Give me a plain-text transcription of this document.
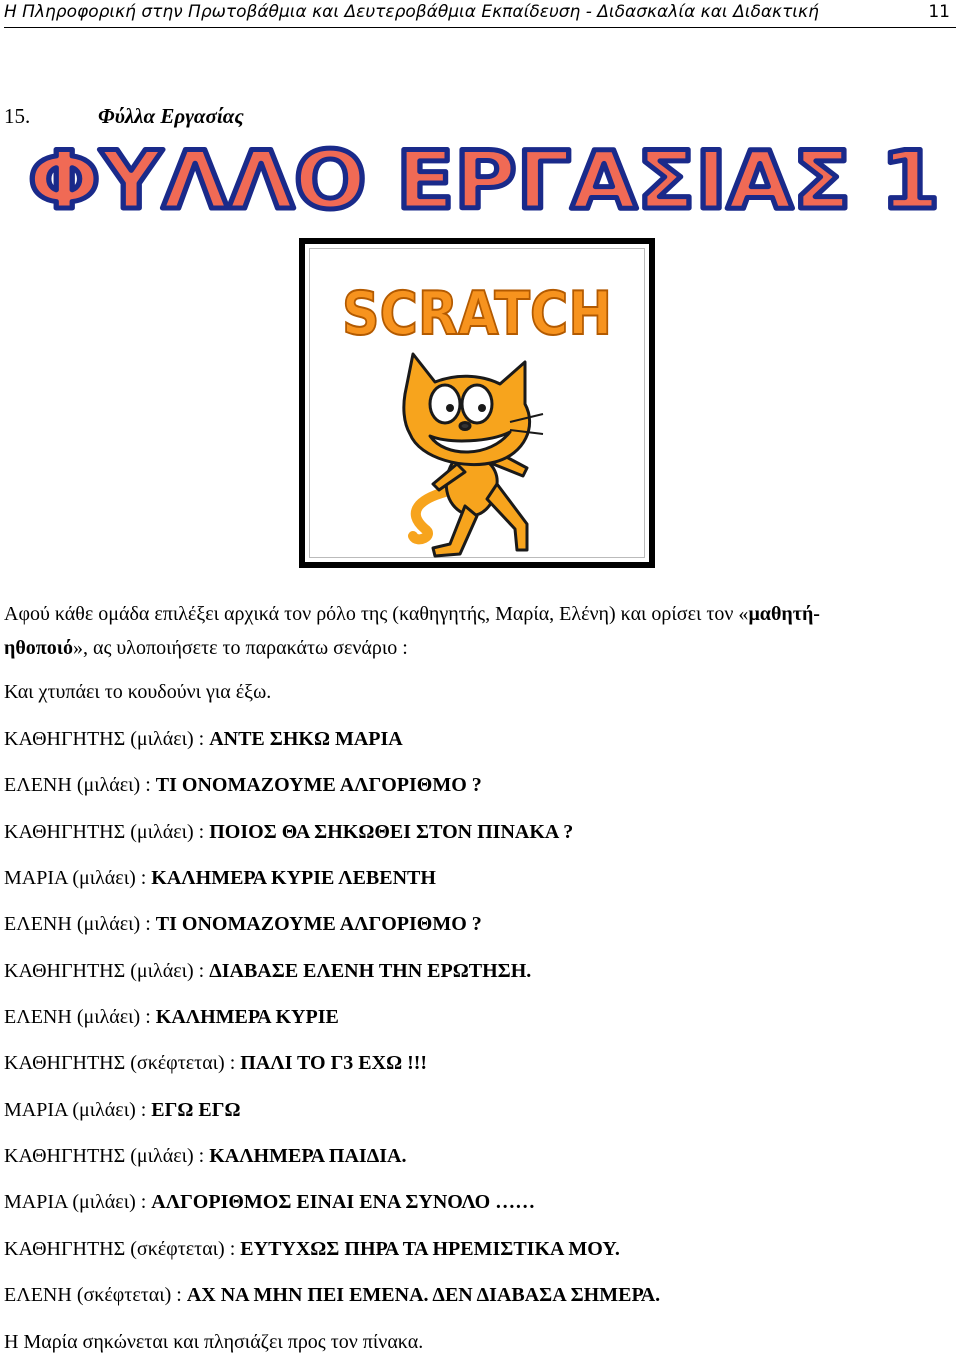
Η Πληροφορική στην Πρωτοβάθμια και Δευτεροβάθμια Εκπαίδευση - Διδασκαλία και Διδακτική	11
15.	Φύλλα Εργασίας
ΦΥΛΛΟ ΕΡΓΑΣΙΑΣ 1
SCRATCH
Αφού κάθε ομάδα επιλέξει αρχικά τον ρόλο της (καθηγητής, Μαρία, Ελένη) και ορίσει τον «μαθητή-
ηθοποιό», ας υλοποιήσετε το παρακάτω σενάριο :
Και χτυπάει το κουδούνι για έξω.
ΚΑΘΗΓΗΤΗΣ (μιλάει) : ΑΝΤΕ ΣΗΚΩ ΜΑΡΙΑ
ΕΛΕΝΗ (μιλάει) : ΤΙ ΟΝΟΜΑΖΟΥΜΕ ΑΛΓΟΡΙΘΜΟ ?
ΚΑΘΗΓΗΤΗΣ (μιλάει) : ΠΟΙΟΣ ΘΑ ΣΗΚΩΘΕΙ ΣΤΟΝ ΠΙΝΑΚΑ ?
ΜΑΡΙΑ (μιλάει) : ΚΑΛΗΜΕΡΑ ΚΥΡΙΕ ΛΕΒΕΝΤΗ
ΕΛΕΝΗ (μιλάει) : ΤΙ ΟΝΟΜΑΖΟΥΜΕ ΑΛΓΟΡΙΘΜΟ ?
ΚΑΘΗΓΗΤΗΣ (μιλάει) : ΔΙΑΒΑΣΕ ΕΛΕΝΗ ΤΗΝ ΕΡΩΤΗΣΗ.
ΕΛΕΝΗ (μιλάει) : ΚΑΛΗΜΕΡΑ ΚΥΡΙΕ
ΚΑΘΗΓΗΤΗΣ (σκέφτεται) : ΠΑΛΙ ΤΟ Γ3 ΕΧΩ !!!
ΜΑΡΙΑ (μιλάει) : ΕΓΩ ΕΓΩ
ΚΑΘΗΓΗΤΗΣ (μιλάει) : ΚΑΛΗΜΕΡΑ ΠΑΙΔΙΑ.
ΜΑΡΙΑ (μιλάει) : ΑΛΓΟΡΙΘΜΟΣ ΕΙΝΑΙ ΕΝΑ ΣΥΝΟΛΟ ……
ΚΑΘΗΓΗΤΗΣ (σκέφτεται) : ΕΥΤΥΧΩΣ ΠΗΡΑ ΤΑ ΗΡΕΜΙΣΤΙΚΑ ΜΟΥ.
ΕΛΕΝΗ (σκέφτεται) : ΑΧ ΝΑ ΜΗΝ ΠΕΙ ΕΜΕΝΑ. ΔΕΝ ΔΙΑΒΑΣΑ ΣΗΜΕΡΑ.
Η Μαρία σηκώνεται και πλησιάζει προς τον πίνακα.
